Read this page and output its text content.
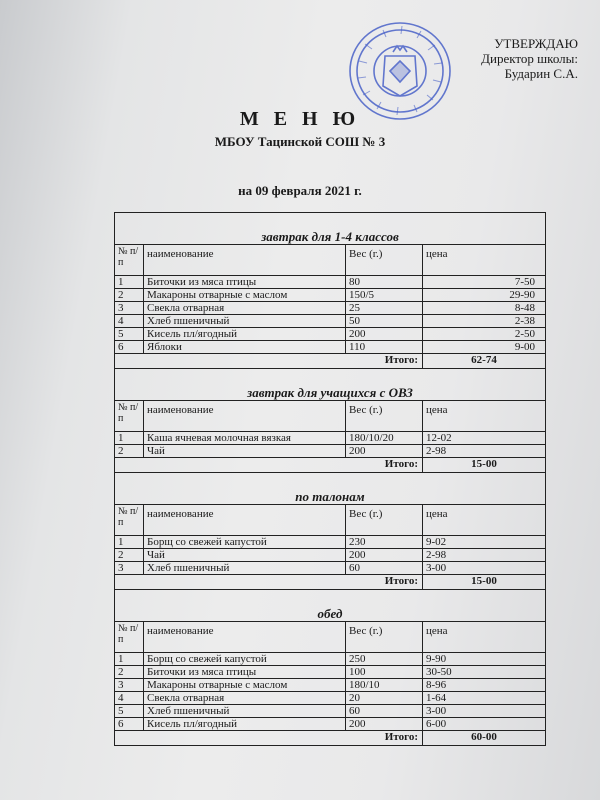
УТВЕРЖДАЮ
Директор школы:
Бударин С.А.
М Е Н Ю
МБОУ Тацинской СОШ № 3
на 09 февраля 2021 г.
завтрак для 1-4 классов			
№ п/п	наименование	Вес (г.)	цена
1	Биточки из мяса птицы	80	7-50
2	Макароны отварные с маслом	150/5	29-90
3	Свекла отварная	25	8-48
4	Хлеб пшеничный	50	2-38
5	Кисель пл/ягодный	200	2-50
6	Яблоки	110	9-00
Итого:			62-74
завтрак для учащихся с ОВЗ			
№ п/п	наименование	Вес (г.)	цена
1	Каша ячневая молочная вязкая	180/10/20	12-02
2	Чай	200	2-98
Итого:			15-00
по талонам			
№ п/п	наименование	Вес (г.)	цена
1	Борщ со свежей капустой	230	9-02
2	Чай	200	2-98
3	Хлеб пшеничный	60	3-00
Итого:			15-00
обед			
№ п/п	наименование	Вес (г.)	цена
1	Борщ со свежей капустой	250	9-90
2	Биточки из мяса птицы	100	30-50
3	Макароны отварные с маслом	180/10	8-96
4	Свекла отварная	20	1-64
5	Хлеб пшеничный	60	3-00
6	Кисель пл/ягодный	200	6-00
Итого:			60-00
